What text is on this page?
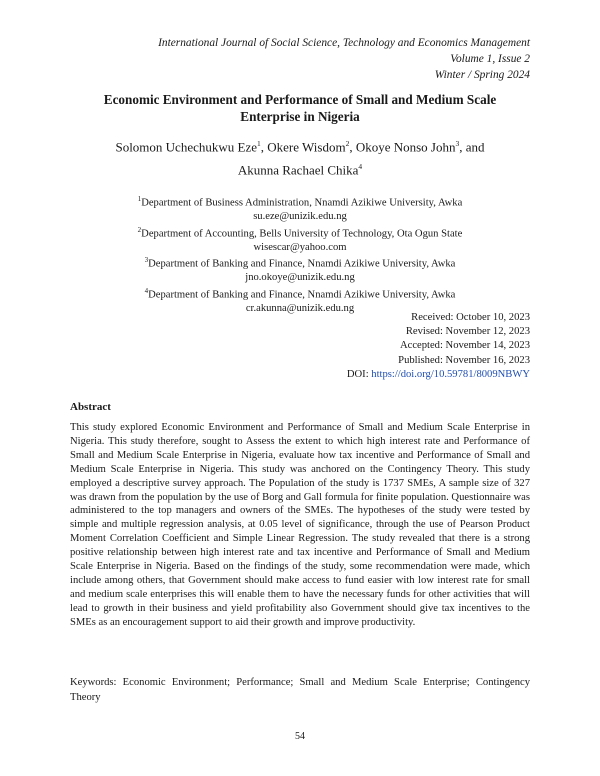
International Journal of Social Science, Technology and Economics Management
Volume 1, Issue 2
Winter / Spring 2024
Economic Environment and Performance of Small and Medium Scale
Enterprise in Nigeria
Solomon Uchechukwu Eze$^1$, Okere Wisdom$^2$, Okoye Nonso John$^3$, and
Akunna Rachael Chika$^4$
$^1$Department of Business Administration, Nnamdi Azikiwe University, Awka
su.eze@unizik.edu.ng
$^2$Department of Accounting, Bells University of Technology, Ota Ogun State
wisescar@yahoo.com
$^3$Department of Banking and Finance, Nnamdi Azikiwe University, Awka
jno.okoye@unizik.edu.ng
$^4$Department of Banking and Finance, Nnamdi Azikiwe University, Awka
cr.akunna@unizik.edu.ng
Received: October 10, 2023
Revised: November 12, 2023
Accepted: November 14, 2023
Published: November 16, 2023
DOI: https://doi.org/10.59781/8009NBWY
Abstract
This study explored Economic Environment and Performance of Small and Medium Scale Enterprise in Nigeria. This study therefore, sought to Assess the extent to which high interest rate and Performance of Small and Medium Scale Enterprise in Nigeria, evaluate how tax incentive and Performance of Small and Medium Scale Enterprise in Nigeria. This study was anchored on the Contingency Theory. This study employed a descriptive survey approach. The Population of the study is 1737 SMEs, A sample size of 327 was drawn from the population by the use of Borg and Gall formula for finite population. Questionnaire was administered to the top managers and owners of the SMEs. The hypotheses of the study were tested by simple and multiple regression analysis, at 0.05 level of significance, through the use of Pearson Product Moment Correlation Coefficient and Simple Linear Regression. The study revealed that there is a strong positive relationship between high interest rate and tax incentive and Performance of Small and Medium Scale Enterprise in Nigeria. Based on the findings of the study, some recommendation were made, which include among others, that Government should make access to fund easier with low interest rate for small and medium scale enterprises this will enable them to have the necessary funds for other activities that will lead to growth in their business and yield profitability also Government should give tax incentives to the SMEs as an encouragement support to aid their growth and improve productivity.
Keywords: Economic Environment; Performance; Small and Medium Scale Enterprise; Contingency Theory
54
